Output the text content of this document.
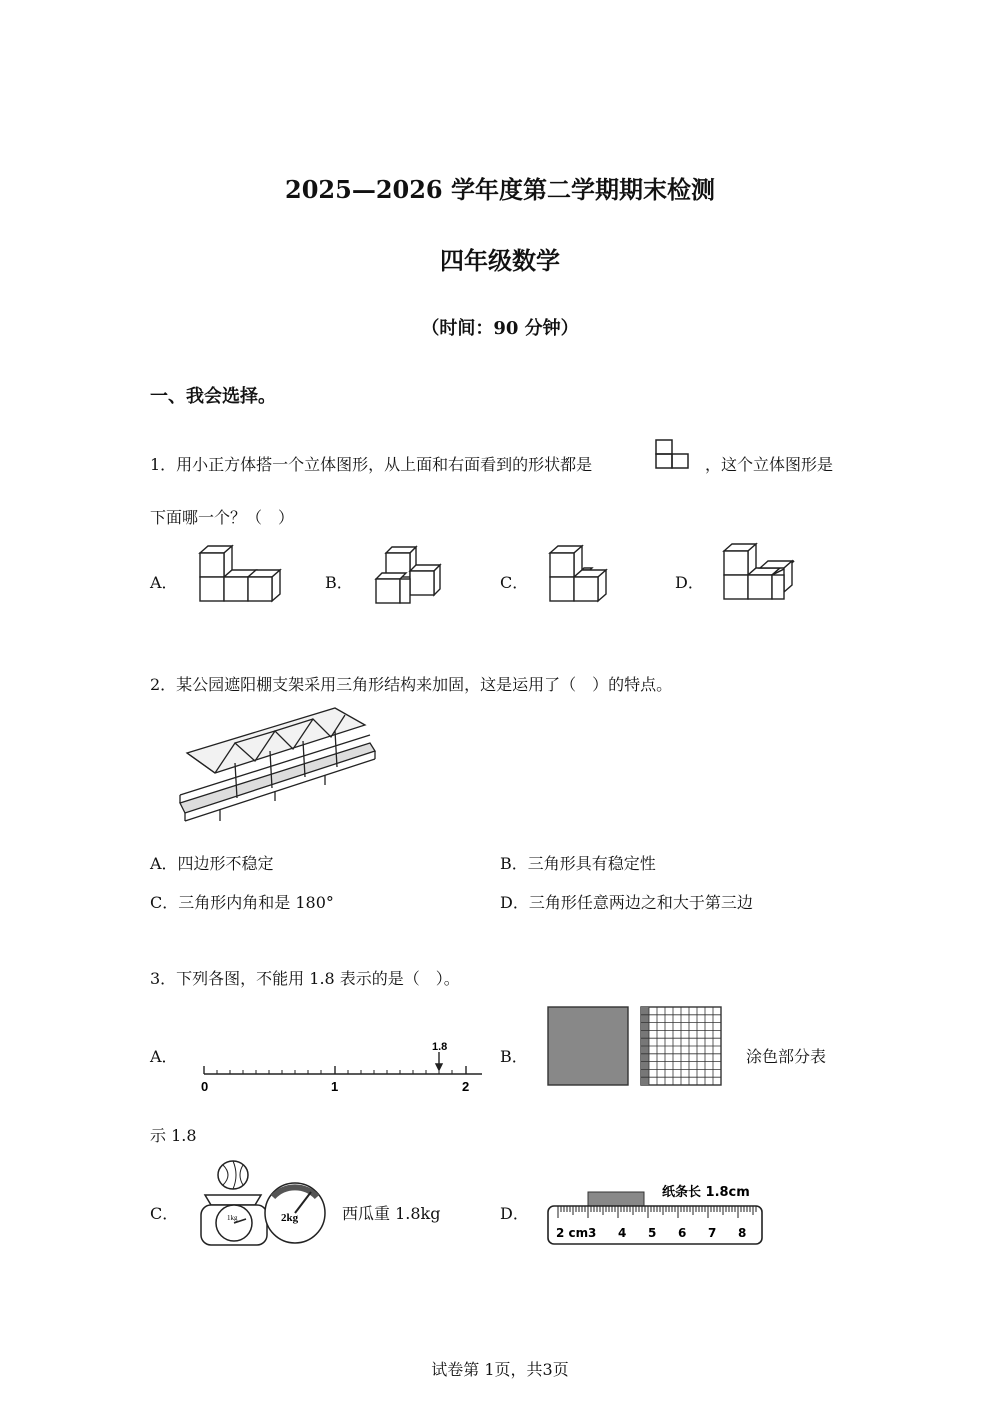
2025—2026 学年度第二学期期末检测
四年级数学
（时间：90 分钟）
一、我会选择。
1．用小正方体搭一个立体图形，从上面和右面看到的形状都是	，这个立体图形是
下面哪一个？（　）
A．	B．	C．	D．
2．某公园遮阳棚支架采用三角形结构来加固，这是运用了（　）的特点。
A．四边形不稳定	B．三角形具有稳定性
C．三角形内角和是 180°	D．三角形任意两边之和大于第三边
3．下列各图，不能用 1.8 表示的是（　）。
A．	1.8
0	1	2
B．	涂色部分表
示 1.8
C．	1kg	2kg	西瓜重 1.8kg	D．
纸条长 1.8cm
2 cm 3 4 5 6 7 8
试卷第 1页，共3页
